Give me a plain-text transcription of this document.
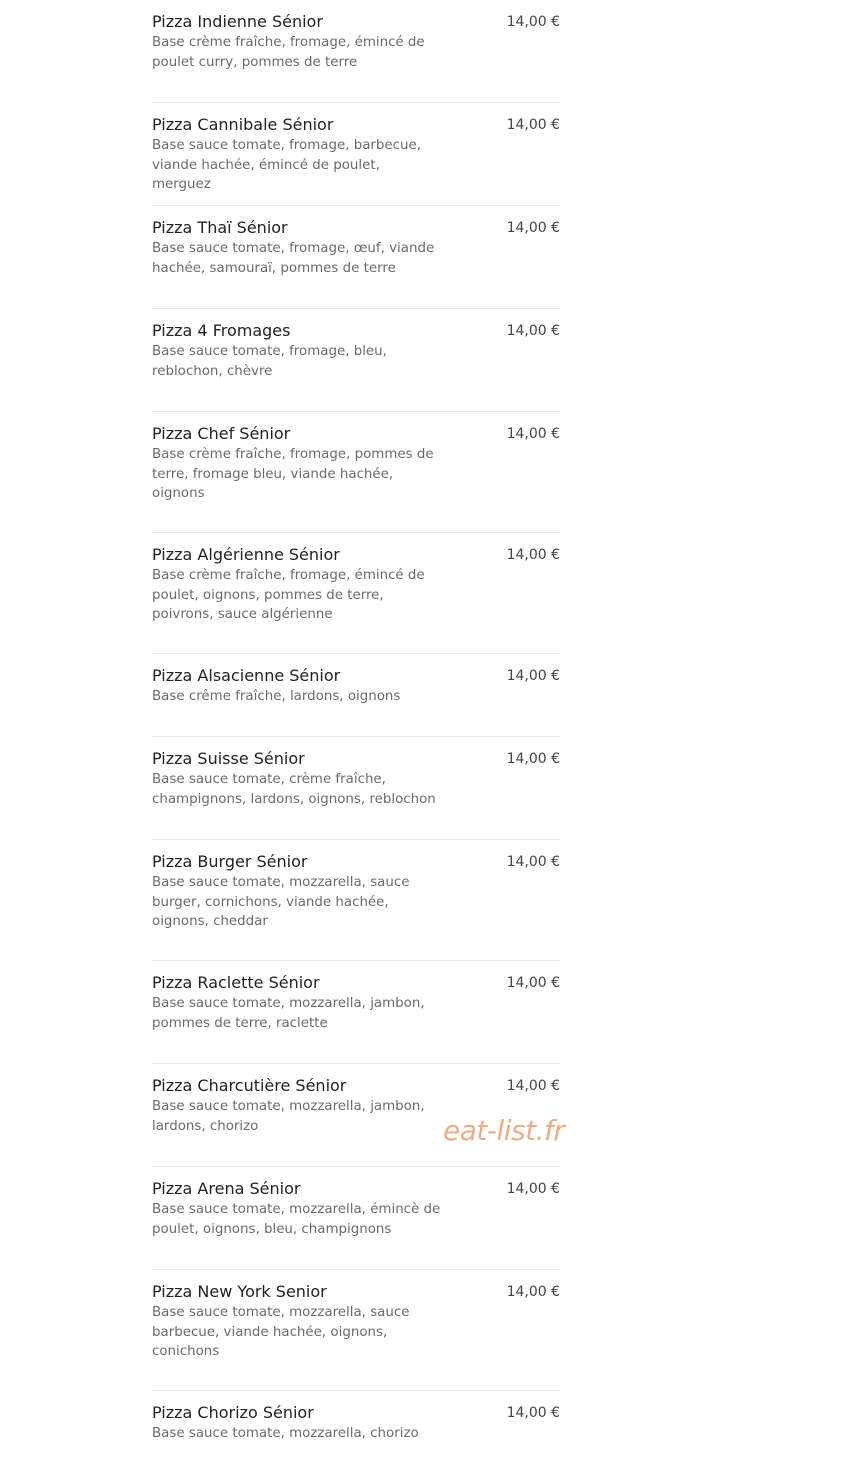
Pizza Indienne Sénior
Base crème fraîche, fromage, émincé de poulet curry, pommes de terre
14,00 €
Pizza Cannibale Sénior
Base sauce tomate, fromage, barbecue, viande hachée, émincé de poulet, merguez
14,00 €
Pizza Thaï Sénior
Base sauce tomate, fromage, œuf, viande hachée, samouraï, pommes de terre
14,00 €
Pizza 4 Fromages
Base sauce tomate, fromage, bleu, reblochon, chèvre
14,00 €
Pizza Chef Sénior
Base crème fraîche, fromage, pommes de terre, fromage bleu, viande hachée, oignons
14,00 €
Pizza Algérienne Sénior
Base crème fraîche, fromage, émincé de poulet, oignons, pommes de terre, poivrons, sauce algérienne
14,00 €
Pizza Alsacienne Sénior
Base crême fraîche, lardons, oignons
14,00 €
Pizza Suisse Sénior
Base sauce tomate, crème fraîche, champignons, lardons, oignons, reblochon
14,00 €
Pizza Burger Sénior
Base sauce tomate, mozzarella, sauce burger, cornichons, viande hachée, oignons, cheddar
14,00 €
Pizza Raclette Sénior
Base sauce tomate, mozzarella, jambon, pommes de terre, raclette
14,00 €
Pizza Charcutière Sénior
Base sauce tomate, mozzarella, jambon, lardons, chorizo
14,00 €
Pizza Arena Sénior
Base sauce tomate, mozzarella, émincè de poulet, oignons, bleu, champignons
14,00 €
Pizza New York Senior
Base sauce tomate, mozzarella, sauce barbecue, viande hachée, oignons, conichons
14,00 €
Pizza Chorizo Sénior
Base sauce tomate, mozzarella, chorizo
14,00 €
eat-list.fr
